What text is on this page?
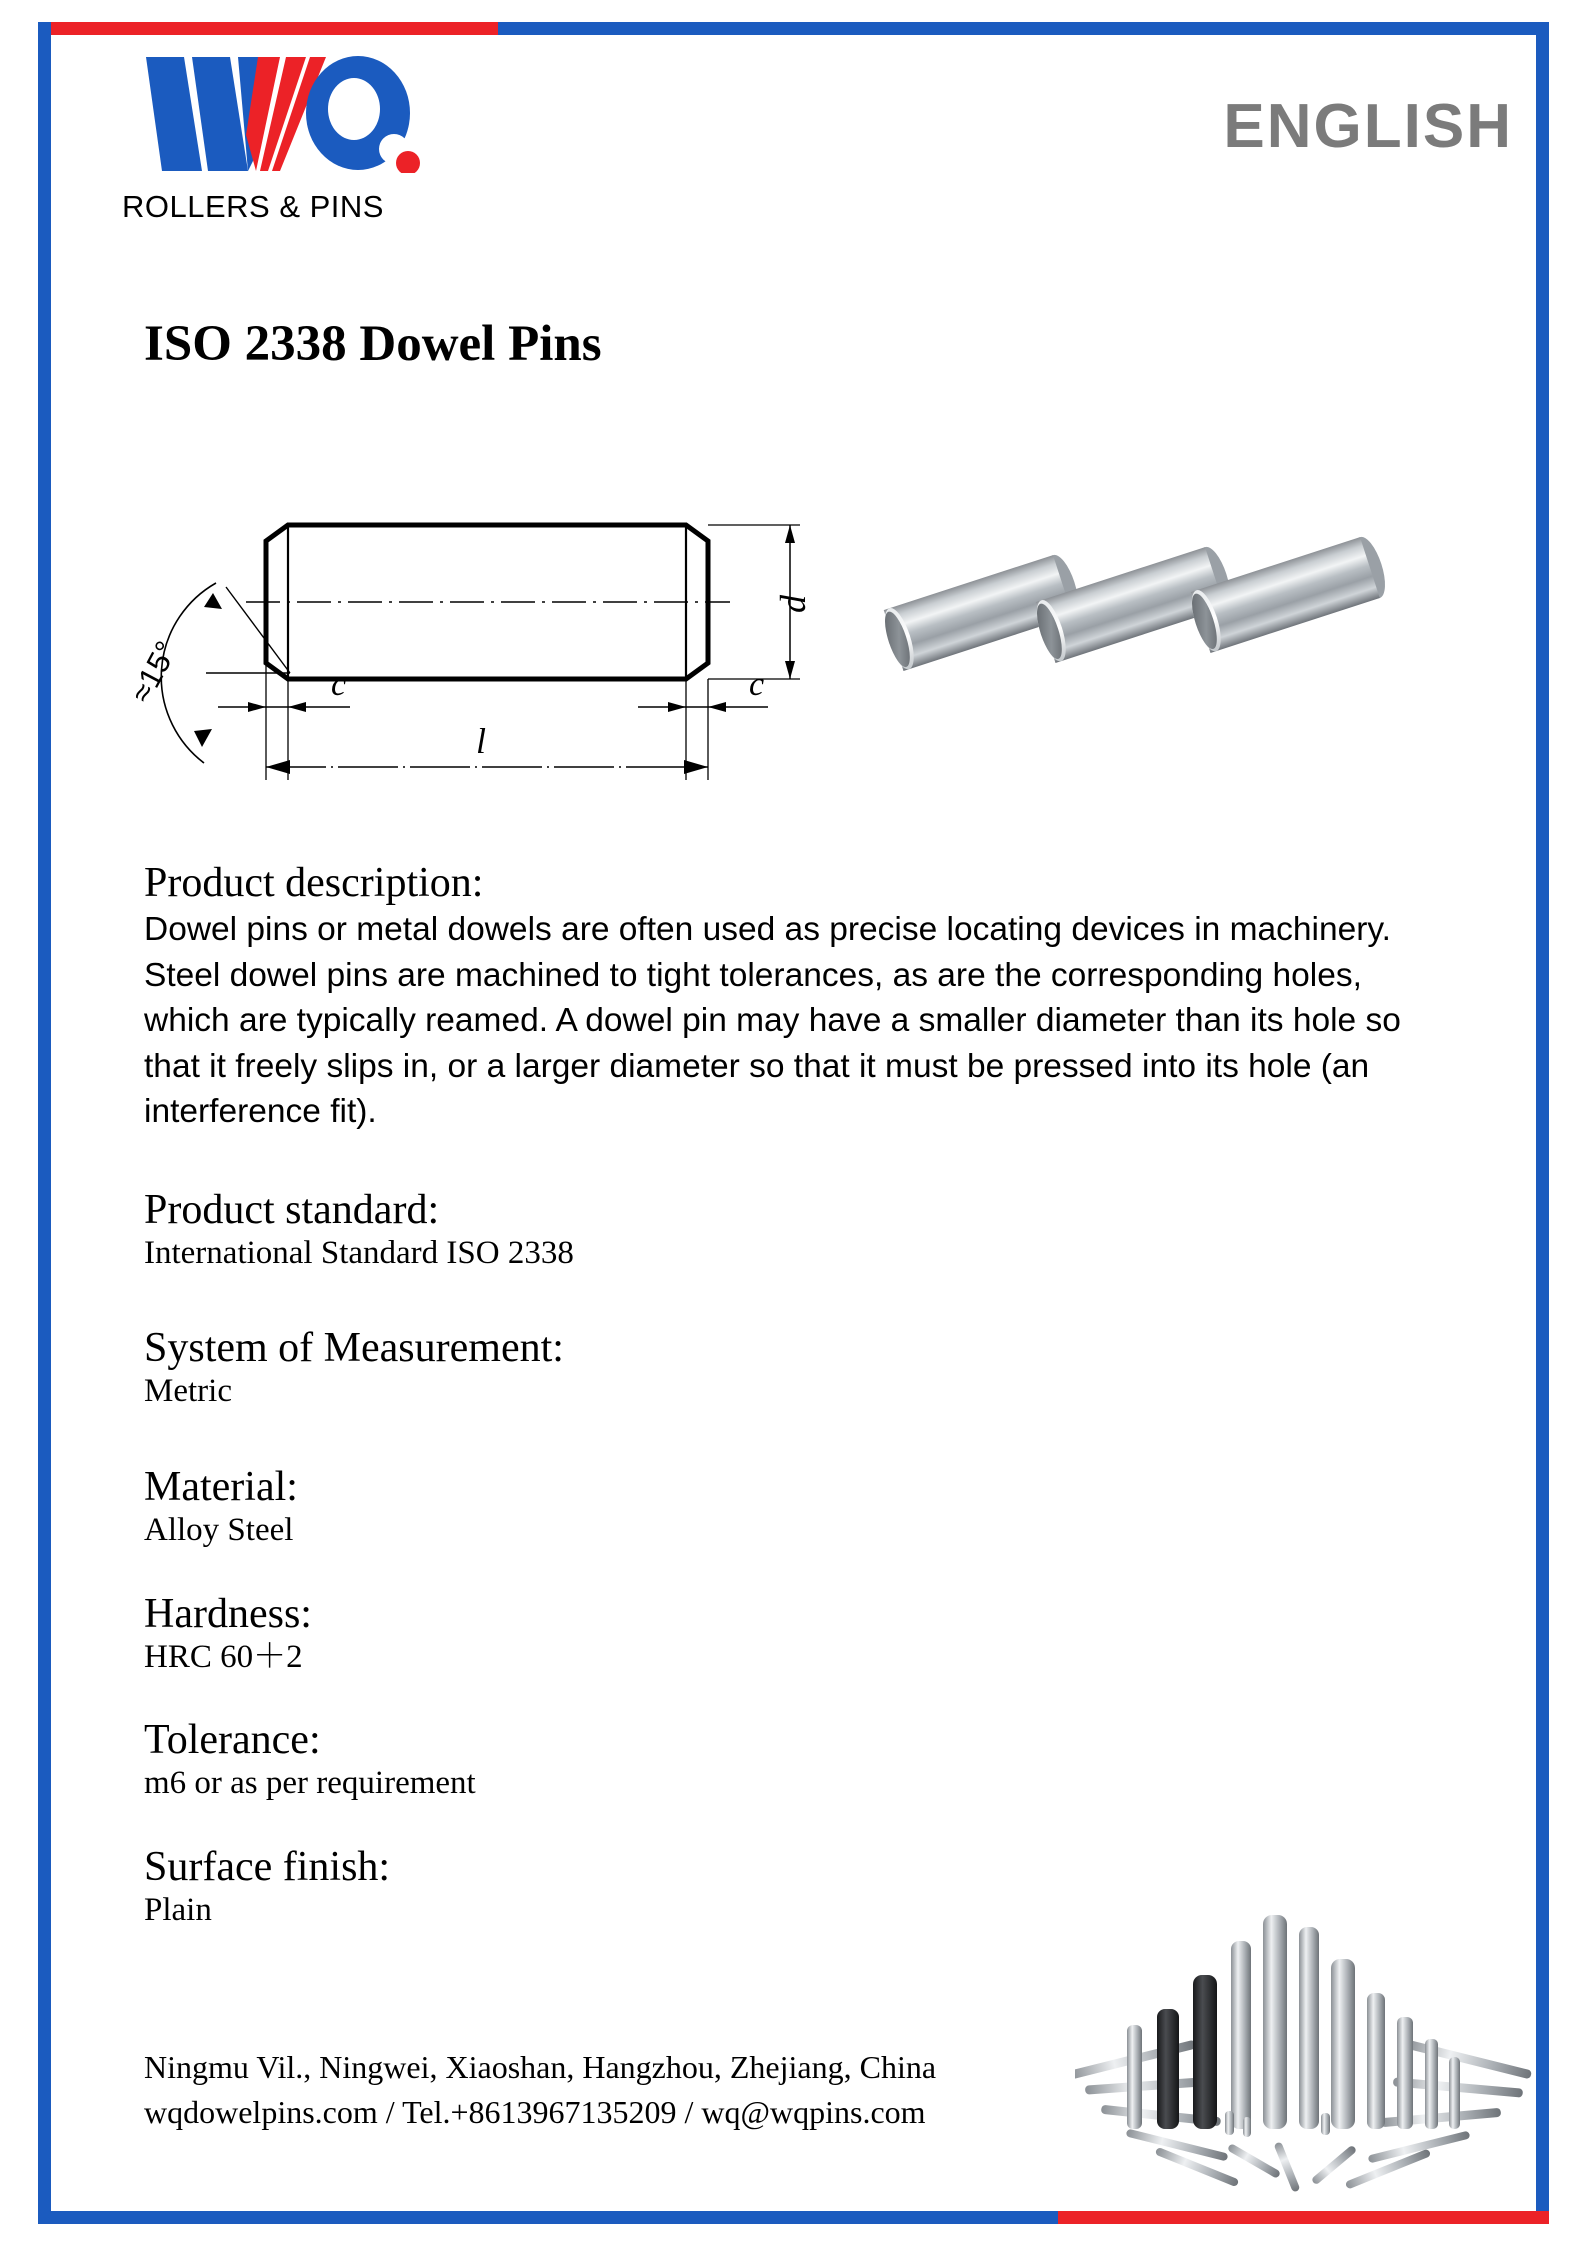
ROLLERS & PINS
ENGLISH
ISO 2338 Dowel Pins
d
c	c
l
≈15°
Product description:
Dowel pins or metal dowels are often used as precise locating devices in machinery. Steel dowel pins are machined to tight tolerances, as are the corresponding holes, which are typically reamed. A dowel pin may have a smaller diameter than its hole so that it freely slips in, or a larger diameter so that it must be pressed into its hole (an interference fit).
Product standard:
International Standard ISO 2338
System of Measurement:
Metric
Material:
Alloy Steel
Hardness:
HRC 60＋2
Tolerance:
m6 or as per requirement
Surface finish:
Plain
Ningmu Vil., Ningwei, Xiaoshan, Hangzhou, Zhejiang, China
wqdowelpins.com / Tel.+8613967135209 / wq@wqpins.com
